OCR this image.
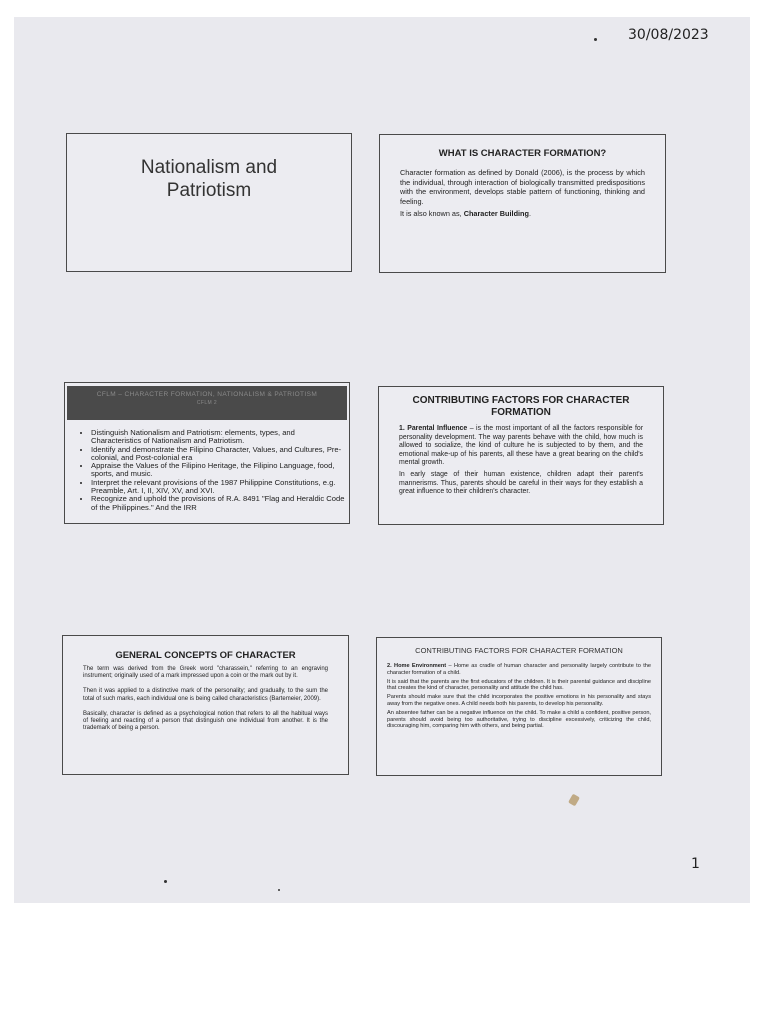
30/08/2023
Nationalism and
Patriotism
WHAT IS CHARACTER FORMATION?

Character formation as defined by Donald (2006), is the process by which the individual, through interaction of biologically transmitted predispositions with the environment, develops stable pattern of functioning, thinking and feeling.

It is also known as, Character Building.

CFLM – CHARACTER FORMATION, NATIONALISM & PATRIOTISM
CFLM 2
• Distinguish Nationalism and Patriotism: elements, types, and Characteristics of Nationalism and Patriotism.
• Identify and demonstrate the Filipino Character, Values, and Cultures, Pre-colonial, and Post-colonial era
• Appraise the Values of the Filipino Heritage, the Filipino Language, food, sports, and music.
• Interpret the relevant provisions of the 1987 Philippine Constitutions, e.g. Preamble, Art. I, II, XIV, XV, and XVI.
• Recognize and uphold the provisions of R.A. 8491 "Flag and Heraldic Code of the Philippines." And the IRR
CONTRIBUTING FACTORS FOR CHARACTER FORMATION

1. Parental Influence – is the most important of all the factors responsible for personality development. The way parents behave with the child, how much is allowed to socialize, the kind of culture he is subjected to by them, and the emotional make-up of his parents, all these have a great bearing on the child's mental growth.

In early stage of their human existence, children adapt their parent's mannerisms. Thus, parents should be careful in their ways for they establish a great influence to their children's character.

GENERAL CONCEPTS OF CHARACTER

The term was derived from the Greek word "charassein," referring to an engraving instrument; originally used of a mark impressed upon a coin or the mark out by it.

Then it was applied to a distinctive mark of the personality; and gradually, to the sum the total of such marks, each individual one is being called characteristics (Bartemeier, 2009).

Basically, character is defined as a psychological notion that refers to all the habitual ways of feeling and reacting of a person that distinguish one individual from another. It is the trademark of being a person.

CONTRIBUTING FACTORS FOR CHARACTER FORMATION

2. Home Environment – Home as cradle of human character and personality largely contribute to the character formation of a child.

It is said that the parents are the first educators of the children. It is their parental guidance and discipline that creates the kind of character, personality and attitude the child has.

Parents should make sure that the child incorporates the positive emotions in his personality and stays away from the negative ones. A child needs both his parents, to develop his personality.

An absentee father can be a negative influence on the child. To make a child a confident, positive person, parents should avoid being too authoritative, trying to discipline excessively, criticizing the child, discouraging him, comparing him with others, and being partial.

1
